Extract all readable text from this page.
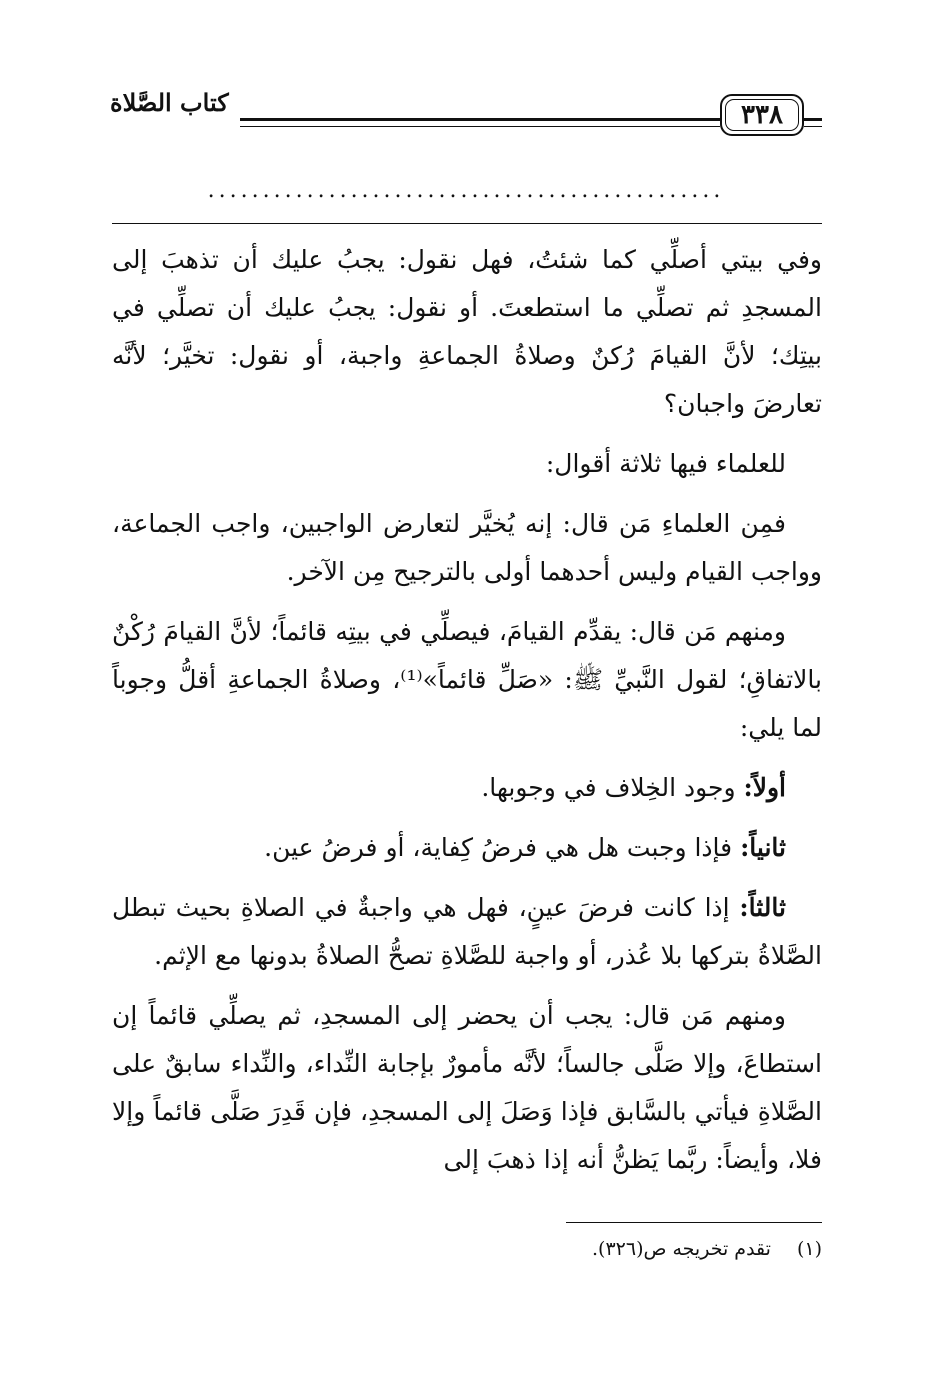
كتاب الصَّلاة	٣٣٨
...............................................

وفي بيتي أصلِّي كما شئتُ، فهل نقول: يجبُ عليك أن تذهبَ إلى المسجدِ ثم تصلِّي ما استطعتَ. أو نقول: يجبُ عليك أن تصلِّي في بيتِك؛ لأنَّ القيامَ رُكنٌ وصلاةُ الجماعةِ واجبة، أو نقول: تخيَّر؛ لأنَّه تعارضَ واجبان؟

للعلماء فيها ثلاثة أقوال:

فمِن العلماءِ مَن قال: إنه يُخيَّر لتعارض الواجبين، واجب الجماعة، وواجب القيام وليس أحدهما أولى بالترجيح مِن الآخر.

ومنهم مَن قال: يقدِّم القيامَ، فيصلِّي في بيتِه قائماً؛ لأنَّ القيامَ رُكْنٌ بالاتفاقِ؛ لقول النَّبيِّ ﷺ: «صَلِّ قائماً»⁽¹⁾، وصلاةُ الجماعةِ أقلُّ وجوباً لما يلي:

أولاً: وجود الخِلاف في وجوبها.

ثانياً: فإذا وجبت هل هي فرضُ كِفاية، أو فرضُ عين.

ثالثاً: إذا كانت فرضَ عينٍ، فهل هي واجبةٌ في الصلاةِ بحيث تبطل الصَّلاةُ بتركها بلا عُذر، أو واجبة للصَّلاةِ تصحُّ الصلاةُ بدونها مع الإثم.

ومنهم مَن قال: يجب أن يحضر إلى المسجدِ، ثم يصلِّي قائماً إن استطاعَ، وإلا صَلَّى جالساً؛ لأنَّه مأمورٌ بإجابة النِّداء، والنِّداء سابقٌ على الصَّلاةِ فيأتي بالسَّابق فإذا وَصَلَ إلى المسجدِ، فإن قَدِرَ صَلَّى قائماً وإلا فلا، وأيضاً: ربَّما يَظنُّ أنه إذا ذهبَ إلى

(١)تقدم تخريجه ص(٣٢٦).
